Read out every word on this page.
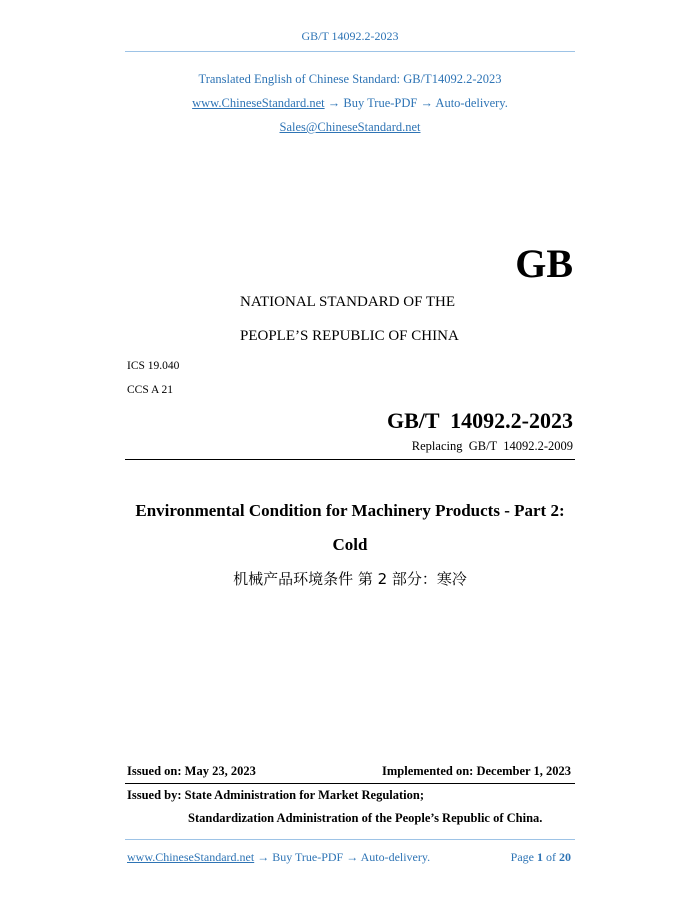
GB/T 14092.2-2023
Translated English of Chinese Standard: GB/T14092.2-2023
www.ChineseStandard.net → Buy True-PDF → Auto-delivery.
Sales@ChineseStandard.net
GB
NATIONAL STANDARD OF THE
PEOPLE’S REPUBLIC OF CHINA
ICS 19.040
CCS A 21
GB/T  14092.2-2023
Replacing  GB/T  14092.2-2009
Environmental Condition for Machinery Products - Part 2:
Cold
机械产品环境条件 第 2 部分：寒冷
Issued on: May 23, 2023	Implemented on: December 1, 2023
Issued by: State Administration for Market Regulation;
Standardization Administration of the People’s Republic of China.
www.ChineseStandard.net → Buy True-PDF → Auto-delivery.	Page 1 of 20
